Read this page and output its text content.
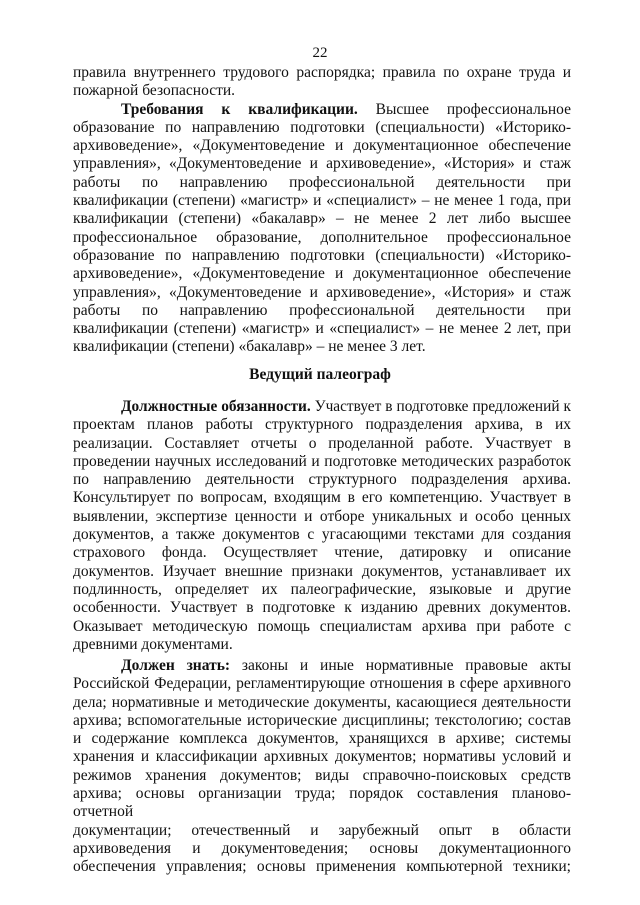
22
правила внутреннего трудового распорядка; правила по охране труда и
пожарной безопасности.
Требования к квалификации. Высшее профессиональное
образование по направлению подготовки (специальности) «Историко-
архивоведение», «Документоведение и документационное обеспечение
управления», «Документоведение и архивоведение», «История» и стаж
работы по направлению профессиональной деятельности при
квалификации (степени) «магистр» и «специалист» – не менее 1 года, при
квалификации (степени) «бакалавр» – не менее 2 лет либо высшее
профессиональное образование, дополнительное профессиональное
образование по направлению подготовки (специальности) «Историко-
архивоведение», «Документоведение и документационное обеспечение
управления», «Документоведение и архивоведение», «История» и стаж
работы по направлению профессиональной деятельности при
квалификации (степени) «магистр» и «специалист» – не менее 2 лет, при
квалификации (степени) «бакалавр» – не менее 3 лет.
Ведущий палеограф
Должностные обязанности. Участвует в подготовке предложений к
проектам планов работы структурного подразделения архива, в их
реализации. Составляет отчеты о проделанной работе. Участвует в
проведении научных исследований и подготовке методических разработок
по направлению деятельности структурного подразделения архива.
Консультирует по вопросам, входящим в его компетенцию. Участвует в
выявлении, экспертизе ценности и отборе уникальных и особо ценных
документов, а также документов с угасающими текстами для создания
страхового фонда. Осуществляет чтение, датировку и описание
документов. Изучает внешние признаки документов, устанавливает их
подлинность, определяет их палеографические, языковые и другие
особенности. Участвует в подготовке к изданию древних документов.
Оказывает методическую помощь специалистам архива при работе с
древними документами.
Должен знать: законы и иные нормативные правовые акты
Российской Федерации, регламентирующие отношения в сфере архивного
дела; нормативные и методические документы, касающиеся деятельности
архива; вспомогательные исторические дисциплины; текстологию; состав
и содержание комплекса документов, хранящихся в архиве; системы
хранения и классификации архивных документов; нормативы условий и
режимов хранения документов; виды справочно-поисковых средств
архива; основы организации труда; порядок составления планово-отчетной
документации; отечественный и зарубежный опыт в области
архивоведения и документоведения; основы документационного
обеспечения управления; основы применения компьютерной техники;
